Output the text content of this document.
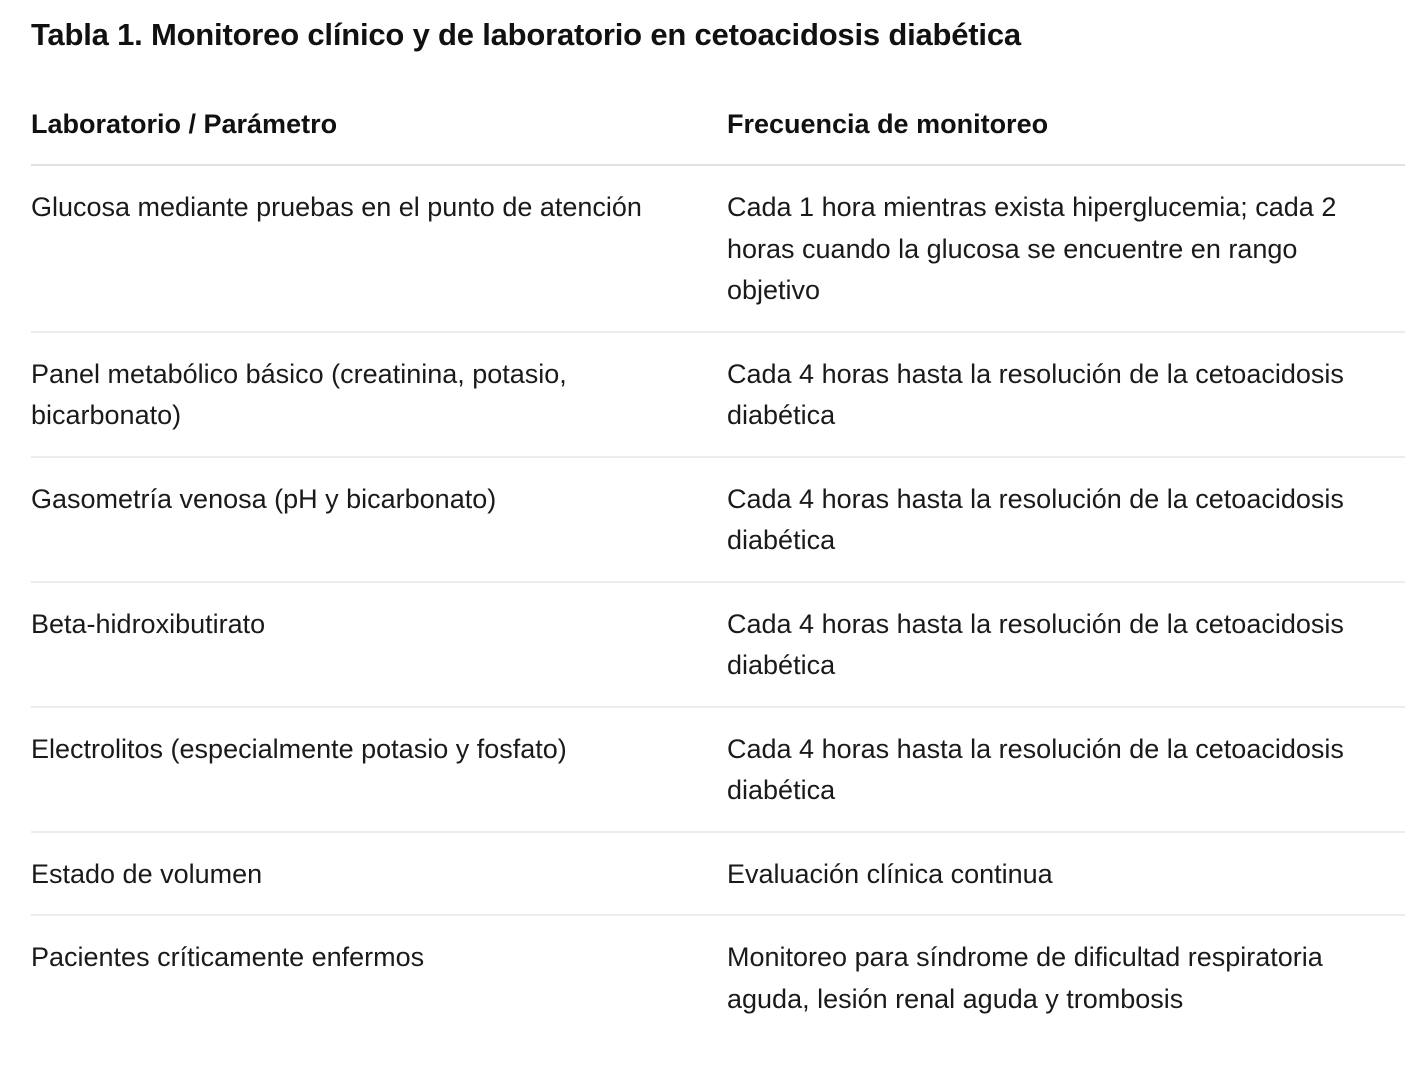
Tabla 1. Monitoreo clínico y de laboratorio en cetoacidosis diabética
Laboratorio / Parámetro	Frecuencia de monitoreo
Glucosa mediante pruebas en el punto de atención	Cada 1 hora mientras exista hiperglucemia; cada 2 horas cuando la glucosa se encuentre en rango objetivo
Panel metabólico básico (creatinina, potasio, bicarbonato)	Cada 4 horas hasta la resolución de la cetoacidosis diabética
Gasometría venosa (pH y bicarbonato)	Cada 4 horas hasta la resolución de la cetoacidosis diabética
Beta-hidroxibutirato	Cada 4 horas hasta la resolución de la cetoacidosis diabética
Electrolitos (especialmente potasio y fosfato)	Cada 4 horas hasta la resolución de la cetoacidosis diabética
Estado de volumen	Evaluación clínica continua
Pacientes críticamente enfermos	Monitoreo para síndrome de dificultad respiratoria aguda, lesión renal aguda y trombosis
